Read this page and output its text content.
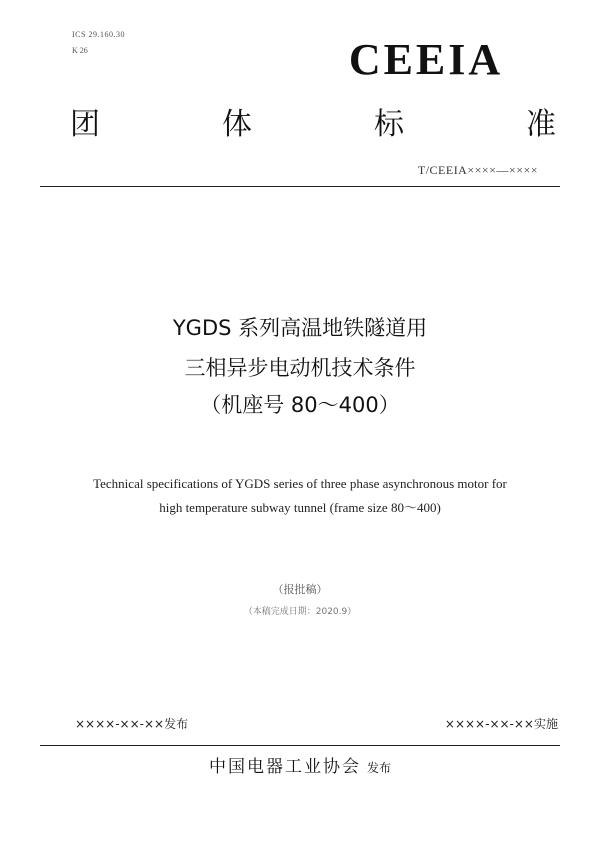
ICS 29.160.30
K 26	CEEIA
团	体	标	准
T/CEEIA××××—××××
YGDS 系列高温地铁隧道用
三相异步电动机技术条件
（机座号 80～400）
Technical specifications of YGDS series of three phase asynchronous motor for
high temperature subway tunnel (frame size 80～400)
（报批稿）
（本稿完成日期：2020.9）
××××-××-××发布	××××-××-××实施
中国电器工业协会 发布
